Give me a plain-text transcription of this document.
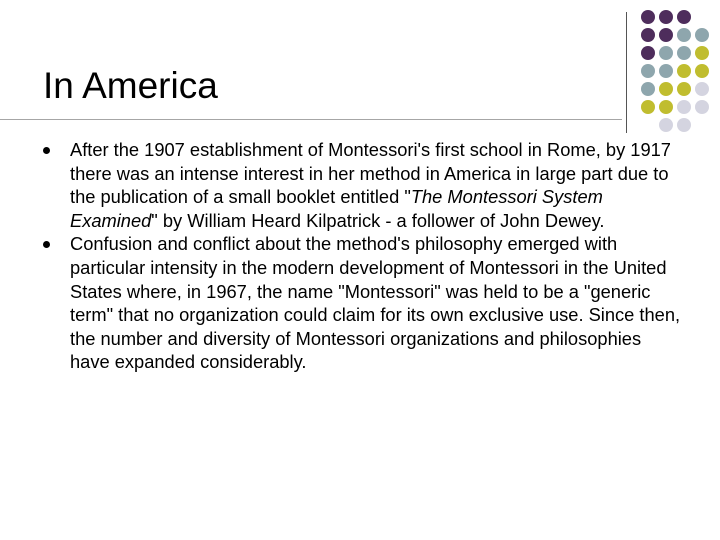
In America
After the 1907 establishment of Montessori's first school in Rome, by 1917 there was an intense interest in her method in America in large part due to the publication of a small booklet entitled "The Montessori System Examined" by William Heard Kilpatrick - a follower of John Dewey.
Confusion and conflict about the method's philosophy emerged with particular intensity in the modern development of Montessori in the United States where, in 1967, the name "Montessori" was held to be a "generic term" that no organization could claim for its own exclusive use. Since then, the number and diversity of Montessori organizations and philosophies have expanded considerably.
